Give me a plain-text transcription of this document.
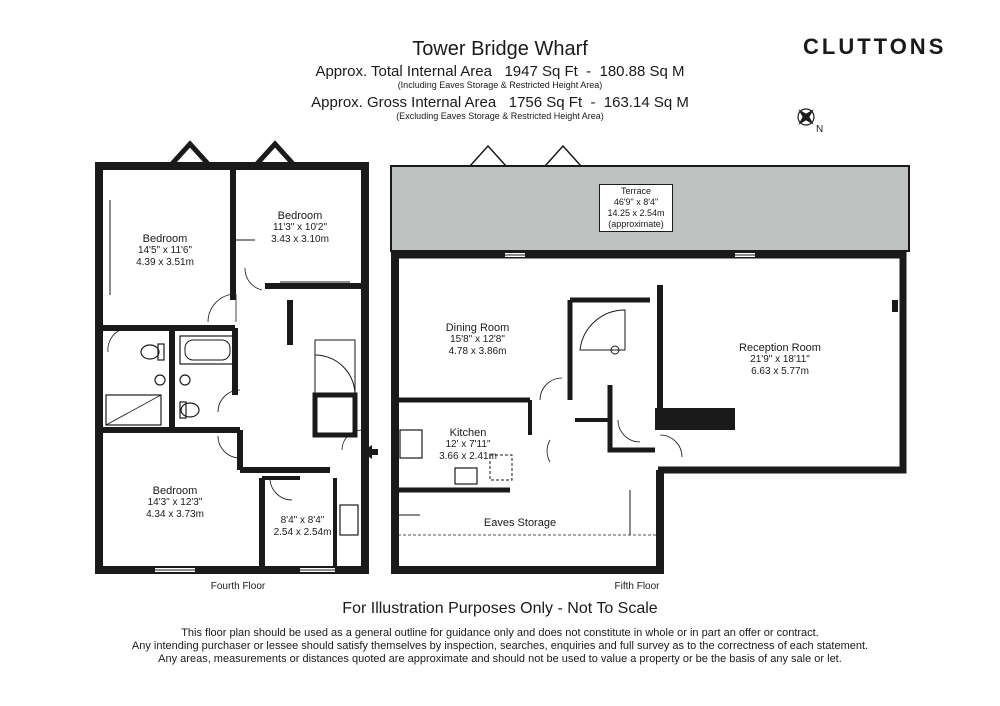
Tower Bridge Wharf
Approx. Total Internal Area   1947 Sq Ft  -  180.88 Sq M
(Including Eaves Storage & Restricted Height Area)
Approx. Gross Internal Area   1756 Sq Ft  -  163.14 Sq M
(Excluding Eaves Storage & Restricted Height Area)
CLUTTONS
N
Bedroom
14'5" x 11'6"
4.39 x 3.51m
Bedroom
11'3" x 10'2"
3.43 x 3.10m
Bedroom
14'3" x 12'3"
4.34 x 3.73m
8'4" x 8'4"
2.54 x 2.54m
Terrace
46'9" x 8'4"
14.25 x 2.54m
(approximate)
Dining Room
15'8" x 12'8"
4.78 x 3.86m	Reception Room
21'9" x 18'11"
6.63 x 5.77m
Kitchen
12' x 7'11"
3.66 x 2.41m
Eaves Storage
Fourth Floor	Fifth Floor
For Illustration Purposes Only - Not To Scale
This floor plan should be used as a general outline for guidance only and does not constitute in whole or in part an offer or contract.
Any intending purchaser or lessee should satisfy themselves by inspection, searches, enquiries and full survey as to the correctness of each statement.
Any areas, measurements or distances quoted are approximate and should not be used to value a property or be the basis of any sale or let.
